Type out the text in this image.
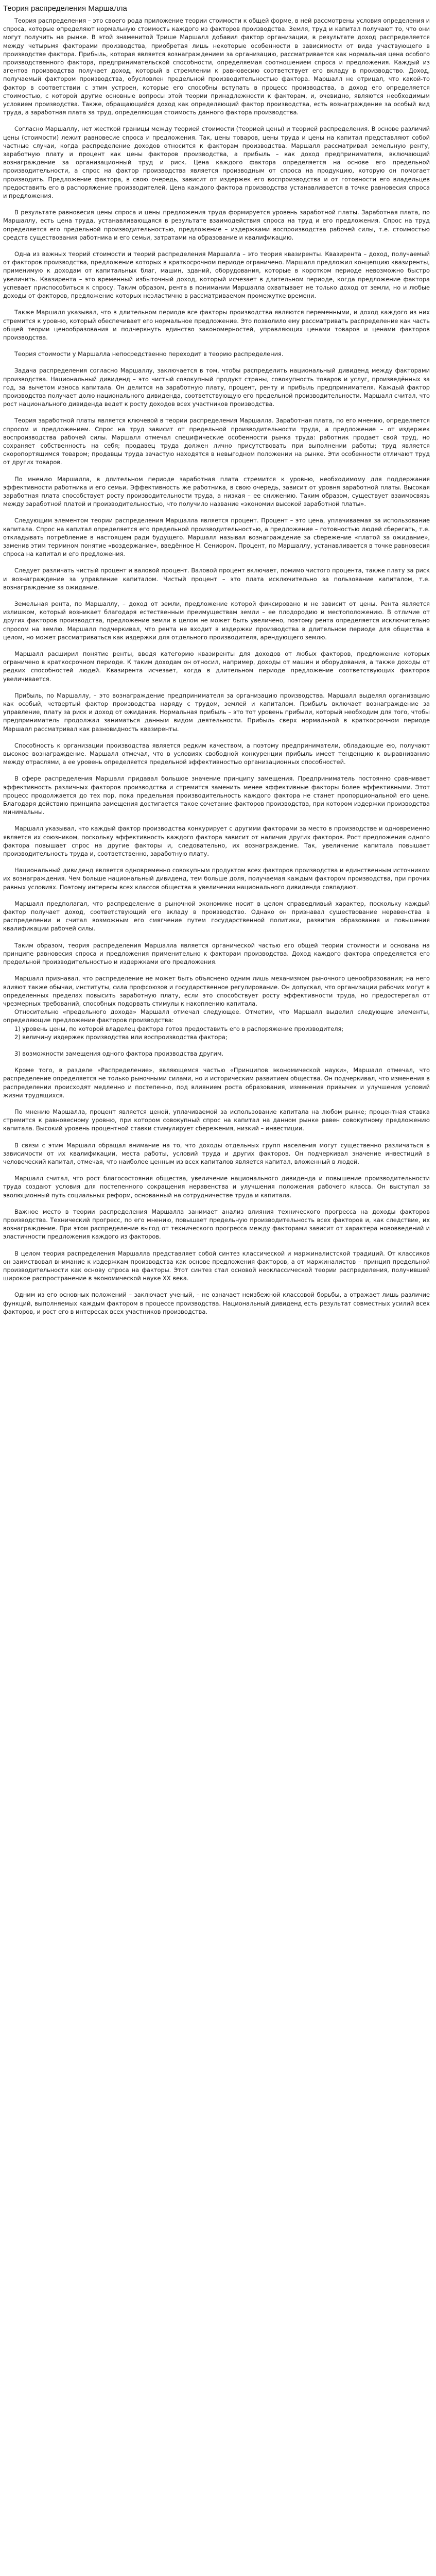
Теория распределения Маршалла

Теория распределения – это своего рода приложение теории стоимости к общей форме, в ней рассмотрены условия определения и спроса, которые определяют нормальную стоимость каждого из факторов производства. Земля, труд и капитал получают то, что они могут получить на рынке. В этой знаменитой Трише Маршалл добавил фактор организации, в результате доход распределяется между четырьмя факторами производства, приобретая лишь некоторые особенности в зависимости от вида участвующего в производстве фактора. Прибыль, которая является вознаграждением за организацию, рассматривается как нормальная цена особого производственного фактора, предпринимательской способности, определяемая соотношением спроса и предложения. Каждый из агентов производства получает доход, который в стремлении к равновесию соответствует его вкладу в производство. Доход, получаемый фактором производства, обусловлен предельной производительностью фактора. Маршалл не отрицал, что какой-то фактор в соответствии с этим устроен, которые его способны вступать в процесс производства, а доход его определяется стоимостью, с которой другие основные вопросы этой теории принадлежности к факторам, и, очевидно, являются необходимым условием производства. Также, обращающийся доход как определяющий фактор производства, есть вознаграждение за особый вид труда, а заработная плата за труд, определяющая стоимость данного фактора производства.

Согласно Маршаллу, нет жесткой границы между теорией стоимости (теорией цены) и теорией распределения. В основе различий цены (стоимости) лежит равновесие спроса и предложения. Так, цены товаров, цены труда и цены на капитал представляют собой частные случаи, когда распределение доходов относится к факторам производства. Маршалл рассматривал земельную ренту, заработную плату и процент как цены факторов производства, а прибыль – как доход предпринимателя, включающий вознаграждение за организационный труд и риск. Цена каждого фактора определяется на основе его предельной производительности, а спрос на фактор производства является производным от спроса на продукцию, которую он помогает производить. Предложение фактора, в свою очередь, зависит от издержек его воспроизводства и от готовности его владельцев предоставить его в распоряжение производителей. Цена каждого фактора производства устанавливается в точке равновесия спроса и предложения.

В результате равновесия цены спроса и цены предложения труда формируется уровень заработной платы. Заработная плата, по Маршаллу, есть цена труда, устанавливающаяся в результате взаимодействия спроса на труд и его предложения. Спрос на труд определяется его предельной производительностью, предложение – издержками воспроизводства рабочей силы, т.е. стоимостью средств существования работника и его семьи, затратами на образование и квалификацию.

Одна из важных теорий стоимости и теорий распределения Маршалла – это теория квазиренты. Квазирента – доход, получаемый от факторов производства, предложение которых в краткосрочном периоде ограничено. Маршалл предложил концепцию квазиренты, применимую к доходам от капитальных благ, машин, зданий, оборудования, которые в коротком периоде невозможно быстро увеличить. Квазирента – это временный избыточный доход, который исчезает в длительном периоде, когда предложение фактора успевает приспособиться к спросу. Таким образом, рента в понимании Маршалла охватывает не только доход от земли, но и любые доходы от факторов, предложение которых неэластично в рассматриваемом промежутке времени.

Также Маршалл указывал, что в длительном периоде все факторы производства являются переменными, и доход каждого из них стремится к уровню, который обеспечивает его нормальное предложение. Это позволило ему рассматривать распределение как часть общей теории ценообразования и подчеркнуть единство закономерностей, управляющих ценами товаров и ценами факторов производства.

Теория стоимости у Маршалла непосредственно переходит в теорию распределения.

Задача распределения согласно Маршаллу, заключается в том, чтобы распределить национальный дивиденд между факторами производства. Национальный дивиденд – это чистый совокупный продукт страны, совокупность товаров и услуг, произведённых за год, за вычетом износа капитала. Он делится на заработную плату, процент, ренту и прибыль предпринимателя. Каждый фактор производства получает долю национального дивиденда, соответствующую его предельной производительности. Маршалл считал, что рост национального дивиденда ведет к росту доходов всех участников производства.

Теория заработной платы является ключевой в теории распределения Маршалла. Заработная плата, по его мнению, определяется спросом и предложением. Спрос на труд зависит от предельной производительности труда, а предложение – от издержек воспроизводства рабочей силы. Маршалл отмечал специфические особенности рынка труда: работник продает свой труд, но сохраняет собственность на себя; продавец труда должен лично присутствовать при выполнении работы; труд является скоропортящимся товаром; продавцы труда зачастую находятся в невыгодном положении на рынке. Эти особенности отличают труд от других товаров.

По мнению Маршалла, в длительном периоде заработная плата стремится к уровню, необходимому для поддержания эффективности работника и его семьи. Эффективность же работника, в свою очередь, зависит от уровня заработной платы. Высокая заработная плата способствует росту производительности труда, а низкая – ее снижению. Таким образом, существует взаимосвязь между заработной платой и производительностью, что получило название «экономии высокой заработной платы».

Следующим элементом теории распределения Маршалла является процент. Процент – это цена, уплачиваемая за использование капитала. Спрос на капитал определяется его предельной производительностью, а предложение – готовностью людей сберегать, т.е. откладывать потребление в настоящем ради будущего. Маршалл называл вознаграждение за сбережение «платой за ожидание», заменив этим термином понятие «воздержание», введённое Н. Сениором. Процент, по Маршаллу, устанавливается в точке равновесия спроса на капитал и его предложения.

Следует различать чистый процент и валовой процент. Валовой процент включает, помимо чистого процента, также плату за риск и вознаграждение за управление капиталом. Чистый процент – это плата исключительно за пользование капиталом, т.е. вознаграждение за ожидание.

Земельная рента, по Маршаллу, – доход от земли, предложение которой фиксировано и не зависит от цены. Рента является излишком, который возникает благодаря естественным преимуществам земли – ее плодородию и местоположению. В отличие от других факторов производства, предложение земли в целом не может быть увеличено, поэтому рента определяется исключительно спросом на землю. Маршалл подчеркивал, что рента не входит в издержки производства в длительном периоде для общества в целом, но может рассматриваться как издержки для отдельного производителя, арендующего землю.

Маршалл расширил понятие ренты, введя категорию квазиренты для доходов от любых факторов, предложение которых ограничено в краткосрочном периоде. К таким доходам он относил, например, доходы от машин и оборудования, а также доходы от редких способностей людей. Квазирента исчезает, когда в длительном периоде предложение соответствующих факторов увеличивается.

Прибыль, по Маршаллу, – это вознаграждение предпринимателя за организацию производства. Маршалл выделял организацию как особый, четвертый фактор производства наряду с трудом, землей и капиталом. Прибыль включает вознаграждение за управление, плату за риск и доход от ожидания. Нормальная прибыль – это тот уровень прибыли, который необходим для того, чтобы предприниматель продолжал заниматься данным видом деятельности. Прибыль сверх нормальной в краткосрочном периоде Маршалл рассматривал как разновидность квазиренты.

Способность к организации производства является редким качеством, а поэтому предприниматели, обладающие ею, получают высокое вознаграждение. Маршалл отмечал, что в условиях свободной конкуренции прибыль имеет тенденцию к выравниванию между отраслями, а ее уровень определяется предельной эффективностью организационных способностей.

В сфере распределения Маршалл придавал большое значение принципу замещения. Предприниматель постоянно сравнивает эффективность различных факторов производства и стремится заменить менее эффективные факторы более эффективными. Этот процесс продолжается до тех пор, пока предельная производительность каждого фактора не станет пропорциональной его цене. Благодаря действию принципа замещения достигается такое сочетание факторов производства, при котором издержки производства минимальны.

Маршалл указывал, что каждый фактор производства конкурирует с другими факторами за место в производстве и одновременно является их союзником, поскольку эффективность каждого фактора зависит от наличия других факторов. Рост предложения одного фактора повышает спрос на другие факторы и, следовательно, их вознаграждение. Так, увеличение капитала повышает производительность труда и, соответственно, заработную плату.

Национальный дивиденд является одновременно совокупным продуктом всех факторов производства и единственным источником их вознаграждения. Чем больше национальный дивиденд, тем больше доля, получаемая каждым фактором производства, при прочих равных условиях. Поэтому интересы всех классов общества в увеличении национального дивиденда совпадают.

Маршалл предполагал, что распределение в рыночной экономике носит в целом справедливый характер, поскольку каждый фактор получает доход, соответствующий его вкладу в производство. Однако он признавал существование неравенства в распределении и считал возможным его смягчение путем государственной политики, развития образования и повышения квалификации рабочей силы.

Таким образом, теория распределения Маршалла является органической частью его общей теории стоимости и основана на принципе равновесия спроса и предложения применительно к факторам производства. Доход каждого фактора определяется его предельной производительностью и издержками его предложения.

Маршалл признавал, что распределение не может быть объяснено одним лишь механизмом рыночного ценообразования; на него влияют также обычаи, институты, сила профсоюзов и государственное регулирование. Он допускал, что организации рабочих могут в определенных пределах повысить заработную плату, если это способствует росту эффективности труда, но предостерегал от чрезмерных требований, способных подорвать стимулы к накоплению капитала.

Относительно «предельного дохода» Маршалл отмечал следующее. Отметим, что Маршалл выделил следующие элементы, определяющие предложение факторов производства:

1) уровень цены, по которой владелец фактора готов предоставить его в распоряжение производителя;

2) величину издержек производства или воспроизводства фактора;

3) возможности замещения одного фактора производства другим.

Кроме того, в разделе «Распределение», являющемся частью «Принципов экономической науки», Маршалл отмечал, что распределение определяется не только рыночными силами, но и историческим развитием общества. Он подчеркивал, что изменения в распределении происходят медленно и постепенно, под влиянием роста образования, изменения привычек и улучшения условий жизни трудящихся.

По мнению Маршалла, процент является ценой, уплачиваемой за использование капитала на любом рынке; процентная ставка стремится к равновесному уровню, при котором совокупный спрос на капитал на данном рынке равен совокупному предложению капитала. Высокий уровень процентной ставки стимулирует сбережения, низкий – инвестиции.

В связи с этим Маршалл обращал внимание на то, что доходы отдельных групп населения могут существенно различаться в зависимости от их квалификации, места работы, условий труда и других факторов. Он подчеркивал значение инвестиций в человеческий капитал, отмечая, что наиболее ценным из всех капиталов является капитал, вложенный в людей.

Маршалл считал, что рост благосостояния общества, увеличение национального дивиденда и повышение производительности труда создают условия для постепенного сокращения неравенства и улучшения положения рабочего класса. Он выступал за эволюционный путь социальных реформ, основанный на сотрудничестве труда и капитала.

Важное место в теории распределения Маршалла занимает анализ влияния технического прогресса на доходы факторов производства. Технический прогресс, по его мнению, повышает предельную производительность всех факторов и, как следствие, их вознаграждение. При этом распределение выгод от технического прогресса между факторами зависит от характера нововведений и эластичности предложения каждого из факторов.

В целом теория распределения Маршалла представляет собой синтез классической и маржиналистской традиций. От классиков он заимствовал внимание к издержкам производства как основе предложения факторов, а от маржиналистов – принцип предельной производительности как основу спроса на факторы. Этот синтез стал основой неоклассической теории распределения, получившей широкое распространение в экономической науке XX века.

Одним из его основных положений – заключает ученый, – не означает неизбежной классовой борьбы, а отражает лишь различие функций, выполняемых каждым фактором в процессе производства. Национальный дивиденд есть результат совместных усилий всех факторов, и рост его в интересах всех участников производства.
